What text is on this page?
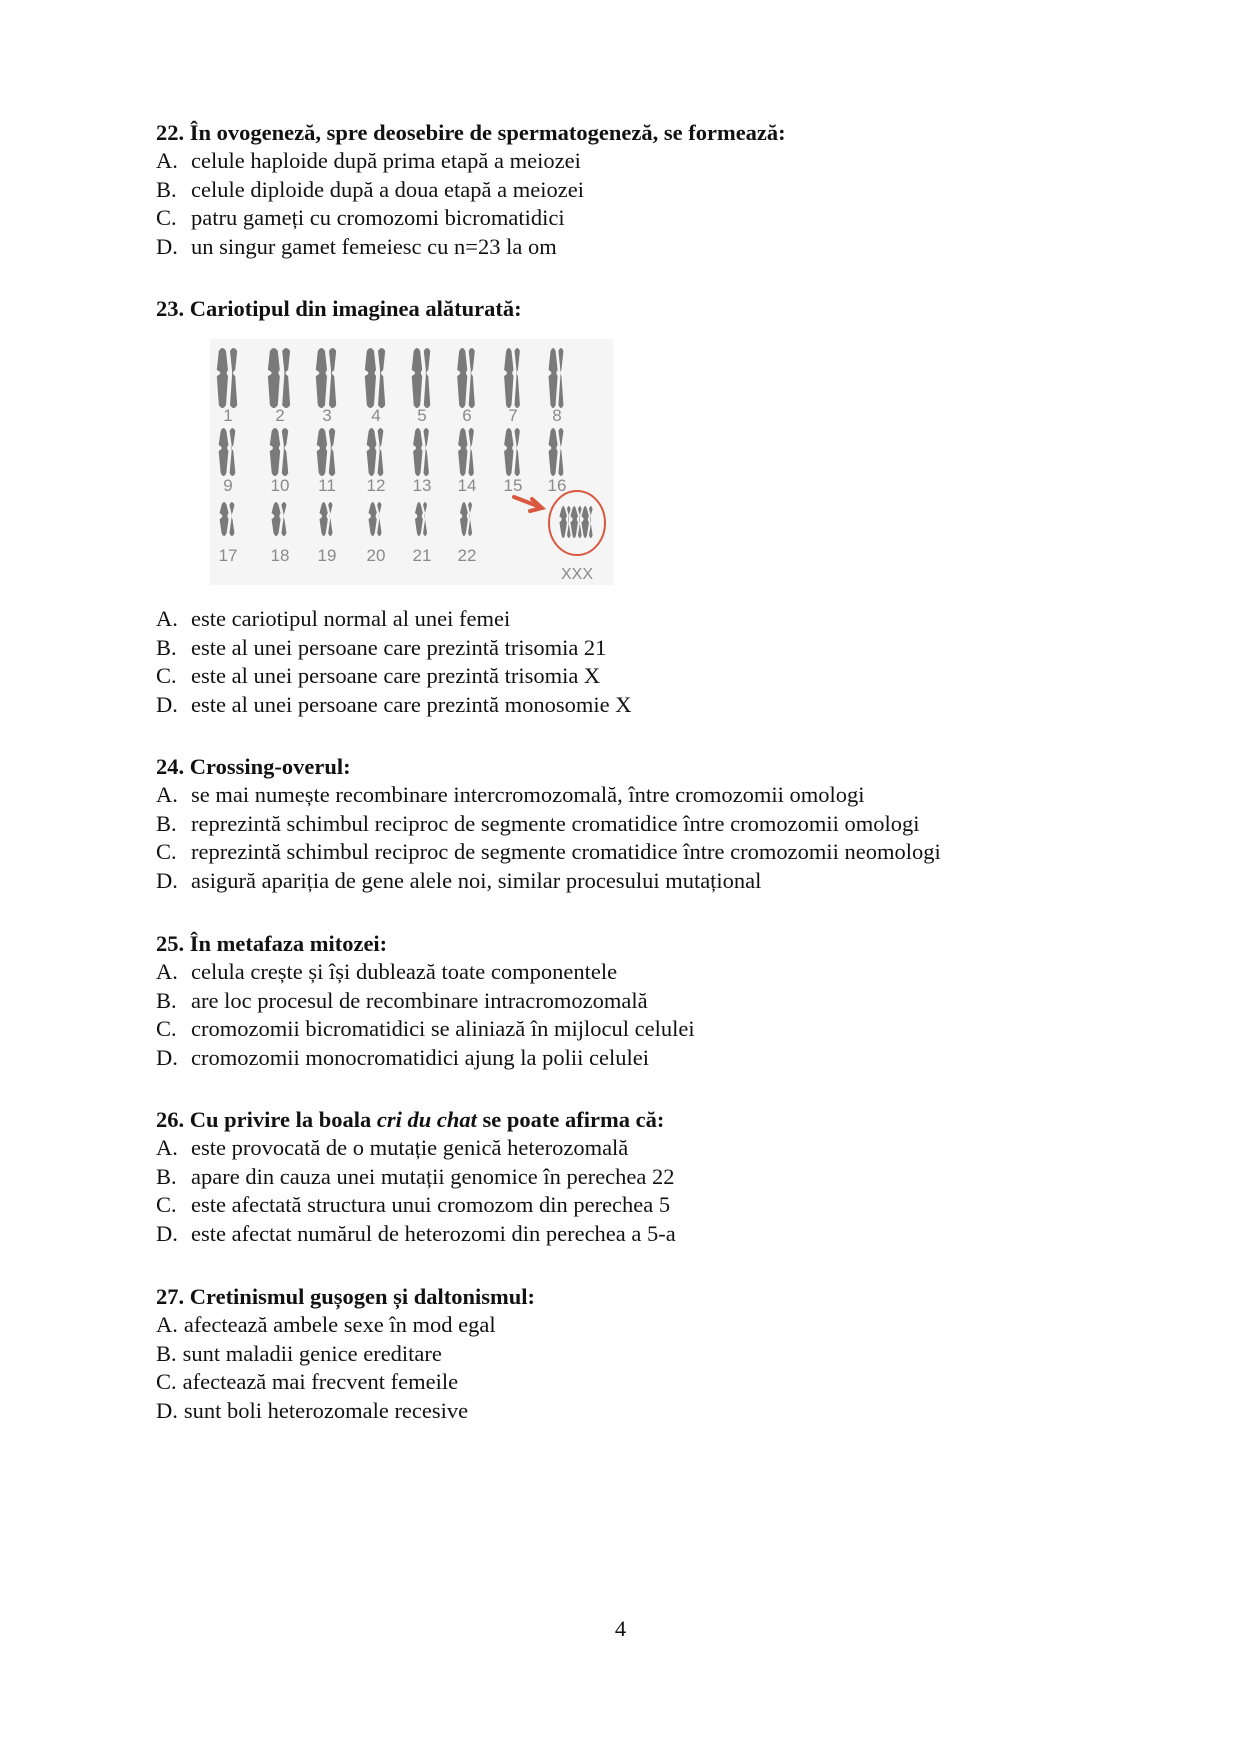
22. În ovogeneză, spre deosebire de spermatogeneză, se formează:

A. celule haploide după prima etapă a meiozei

B. celule diploide după a doua etapă a meiozei

C. patru gameți cu cromozomi bicromatidici

D. un singur gamet femeiesc cu n=23 la om

23. Cariotipul din imaginea alăturată:

1	2 3 4 5 6 7 8
9 10 11 12 13 14 15 16
17 18 19 20 21 22
XXX

A. este cariotipul normal al unei femei

B. este al unei persoane care prezintă trisomia 21

C. este al unei persoane care prezintă trisomia X

D. este al unei persoane care prezintă monosomie X

24. Crossing-overul:

A. se mai numește recombinare intercromozomală, între cromozomii omologi

B. reprezintă schimbul reciproc de segmente cromatidice între cromozomii omologi

C. reprezintă schimbul reciproc de segmente cromatidice între cromozomii neomologi

D. asigură apariția de gene alele noi, similar procesului mutațional

25. În metafaza mitozei:

A. celula crește și își dublează toate componentele

B. are loc procesul de recombinare intracromozomală

C. cromozomii bicromatidici se aliniază în mijlocul celulei

D. cromozomii monocromatidici ajung la polii celulei

26. Cu privire la boala cri du chat se poate afirma că:

A. este provocată de o mutație genică heterozomală

B. apare din cauza unei mutații genomice în perechea 22

C. este afectată structura unui cromozom din perechea 5

D. este afectat numărul de heterozomi din perechea a 5-a

27. Cretinismul gușogen și daltonismul:

A. afectează ambele sexe în mod egal

B. sunt maladii genice ereditare

C. afectează mai frecvent femeile

D. sunt boli heterozomale recesive

4
